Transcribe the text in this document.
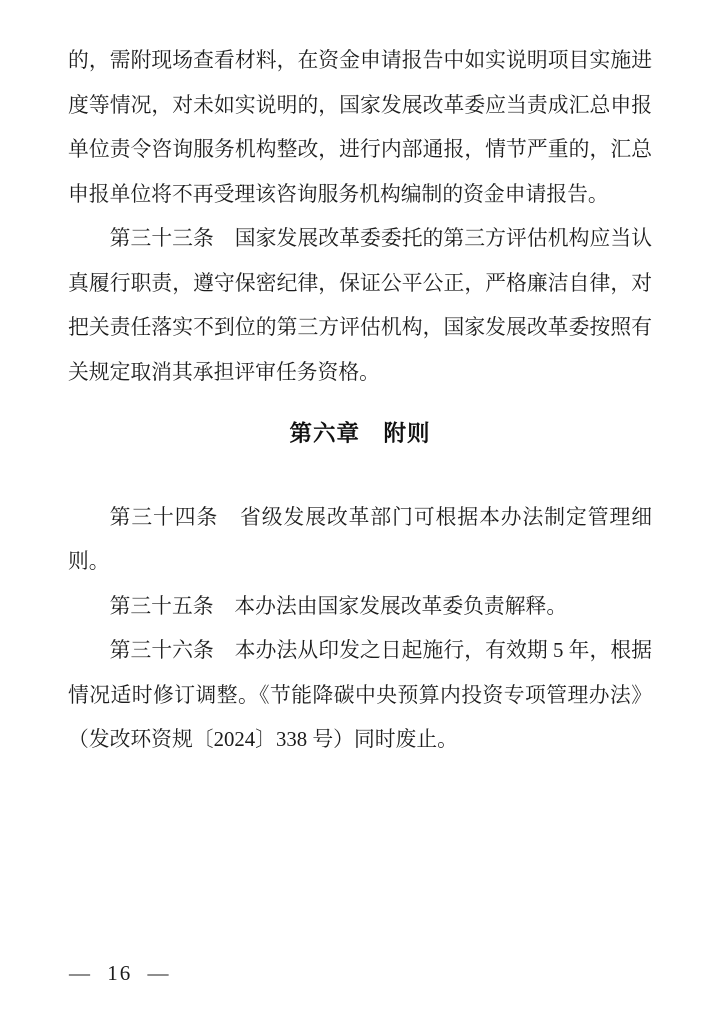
的，需附现场查看材料，在资金申请报告中如实说明项目实施进度等情况，对未如实说明的，国家发展改革委应当责成汇总申报单位责令咨询服务机构整改，进行内部通报，情节严重的，汇总申报单位将不再受理该咨询服务机构编制的资金申请报告。

第三十三条　国家发展改革委委托的第三方评估机构应当认真履行职责，遵守保密纪律，保证公平公正，严格廉洁自律，对把关责任落实不到位的第三方评估机构，国家发展改革委按照有关规定取消其承担评审任务资格。

第六章　附则

第三十四条　省级发展改革部门可根据本办法制定管理细则。

第三十五条　本办法由国家发展改革委负责解释。

第三十六条　本办法从印发之日起施行，有效期 5 年，根据情况适时修订调整。《节能降碳中央预算内投资专项管理办法》（发改环资规〔2024〕338 号）同时废止。

— 16 —
